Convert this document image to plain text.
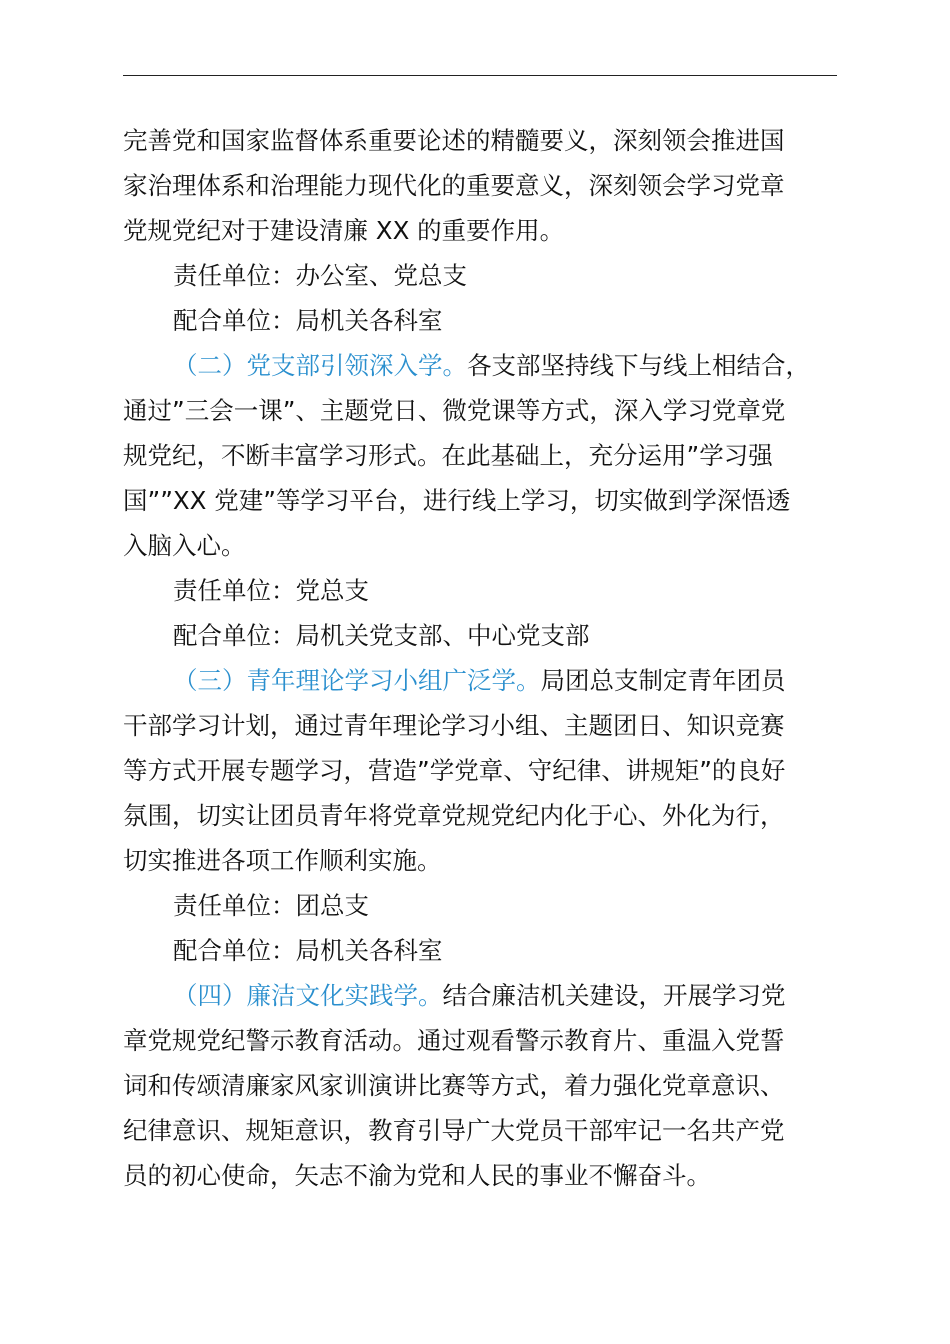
完善党和国家监督体系重要论述的精髓要义，深刻领会推进国
家治理体系和治理能力现代化的重要意义，深刻领会学习党章
党规党纪对于建设清廉 XX 的重要作用。
责任单位：办公室、党总支
配合单位：局机关各科室
（二）党支部引领深入学。各支部坚持线下与线上相结合，
通过”三会一课”、主题党日、微党课等方式，深入学习党章党
规党纪，不断丰富学习形式。在此基础上，充分运用”学习强
国””XX 党建”等学习平台，进行线上学习，切实做到学深悟透
入脑入心。
责任单位：党总支
配合单位：局机关党支部、中心党支部
（三）青年理论学习小组广泛学。局团总支制定青年团员
干部学习计划，通过青年理论学习小组、主题团日、知识竞赛
等方式开展专题学习，营造”学党章、守纪律、讲规矩”的良好
氛围，切实让团员青年将党章党规党纪内化于心、外化为行，
切实推进各项工作顺利实施。
责任单位：团总支
配合单位：局机关各科室
（四）廉洁文化实践学。结合廉洁机关建设，开展学习党
章党规党纪警示教育活动。通过观看警示教育片、重温入党誓
词和传颂清廉家风家训演讲比赛等方式，着力强化党章意识、
纪律意识、规矩意识，教育引导广大党员干部牢记一名共产党
员的初心使命，矢志不渝为党和人民的事业不懈奋斗。
